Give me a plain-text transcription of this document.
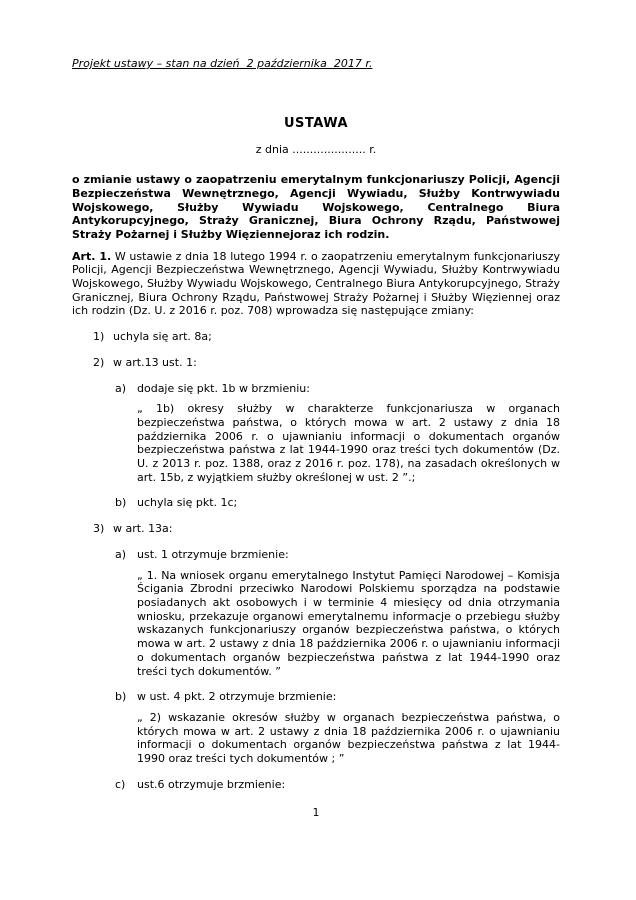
Projekt ustawy – stan na dzień  2 października  2017 r.
USTAWA
z dnia ..................... r.

o zmianie ustawy o zaopatrzeniu emerytalnym funkcjonariuszy Policji, Agencji Bezpieczeństwa Wewnętrznego, Agencji Wywiadu, Służby Kontrwywiadu Wojskowego, Służby Wywiadu Wojskowego, Centralnego Biura Antykorupcyjnego, Straży Granicznej, Biura Ochrony Rządu, Państwowej Straży Pożarnej i Służby Więziennejoraz ich rodzin.

Art. 1. W ustawie z dnia 18 lutego 1994 r. o zaopatrzeniu emerytalnym funkcjonariuszy Policji, Agencji Bezpieczeństwa Wewnętrznego, Agencji Wywiadu, Służby Kontrwywiadu Wojskowego, Służby Wywiadu Wojskowego, Centralnego Biura Antykorupcyjnego, Straży Granicznej, Biura Ochrony Rządu, Państwowej Straży Pożarnej i Służby Więziennej oraz ich rodzin (Dz. U. z 2016 r. poz. 708) wprowadza się następujące zmiany:

1) uchyla się art. 8a;
2) w art.13 ust. 1:
a) dodaje się pkt. 1b w brzmieniu:
„ 1b) okresy służby w charakterze funkcjonariusza w organach bezpieczeństwa państwa, o których mowa w art. 2 ustawy z dnia 18 października 2006 r. o ujawnianiu informacji o dokumentach organów bezpieczeństwa państwa z lat 1944-1990 oraz treści tych dokumentów (Dz. U. z 2013 r. poz. 1388, oraz z 2016 r. poz. 178), na zasadach określonych w art. 15b, z wyjątkiem służby określonej w ust. 2 ”.;
b) uchyla się pkt. 1c;
3) w art. 13a:
a) ust. 1 otrzymuje brzmienie:
„ 1. Na wniosek organu emerytalnego Instytut Pamięci Narodowej – Komisja Ścigania Zbrodni przeciwko Narodowi Polskiemu sporządza na podstawie posiadanych akt osobowych i w terminie 4 miesięcy od dnia otrzymania wniosku, przekazuje organowi emerytalnemu informacje o przebiegu służby wskazanych funkcjonariuszy organów bezpieczeństwa państwa, o których mowa w art. 2 ustawy z dnia 18 października 2006 r. o ujawnianiu informacji o dokumentach organów bezpieczeństwa państwa z lat 1944-1990 oraz treści tych dokumentów. ”
b) w ust. 4 pkt. 2 otrzymuje brzmienie:
„ 2) wskazanie okresów służby w organach bezpieczeństwa państwa, o których mowa w art. 2 ustawy z dnia 18 października 2006 r. o ujawnianiu informacji o dokumentach organów bezpieczeństwa państwa z lat 1944-1990 oraz treści tych dokumentów ; ”
c)	ust.6 otrzymuje brzmienie:
1
